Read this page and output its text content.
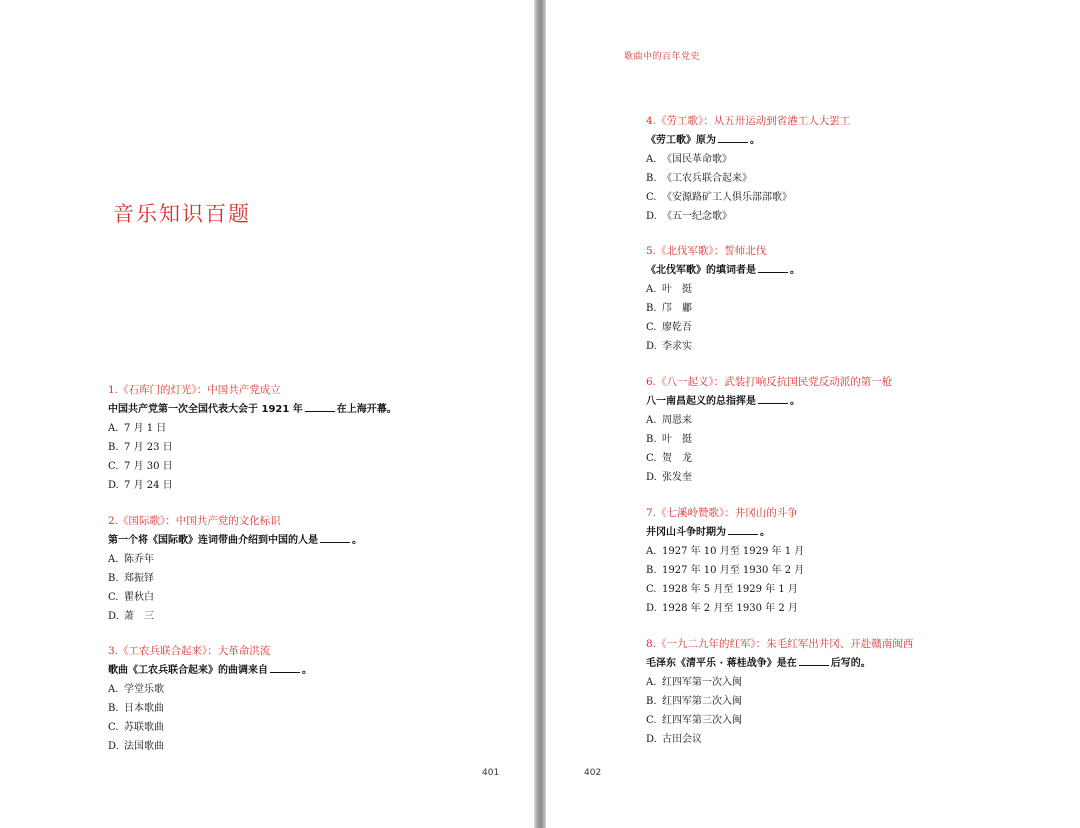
音乐知识百题
1.《石库门的灯光》：中国共产党成立
中国共产党第一次全国代表大会于 1921 年	在上海开幕。
A. 7 月 1 日
B. 7 月 23 日
C. 7 月 30 日
D. 7 月 24 日
2.《国际歌》：中国共产党的文化标识
第一个将《国际歌》连词带曲介绍到中国的人是	。
A. 陈乔年
B. 郑振铎
C. 瞿秋白
D. 萧　三
3.《工农兵联合起来》：大革命洪流
歌曲《工农兵联合起来》的曲调来自	。
A. 学堂乐歌
B. 日本歌曲
C. 苏联歌曲
D. 法国歌曲
401	402
歌曲中的百年党史
4.《劳工歌》：从五卅运动到省港工人大罢工
《劳工歌》原为	。
A. 《国民革命歌》
B. 《工农兵联合起来》
C. 《安源路矿工人俱乐部部歌》
D. 《五一纪念歌》
5.《北伐军歌》：誓师北伐
《北伐军歌》的填词者是	。
A. 叶　挺
B. 邝　鄘
C. 廖乾吾
D. 李求实
6.《八一起义》：武装打响反抗国民党反动派的第一枪
八一南昌起义的总指挥是	。
A. 周恩来
B. 叶　挺
C. 贺　龙
D. 张发奎
7.《七溪岭赞歌》：井冈山的斗争
井冈山斗争时期为	。
A. 1927 年 10 月至 1929 年 1 月
B. 1927 年 10 月至 1930 年 2 月
C. 1928 年 5 月至 1929 年 1 月
D. 1928 年 2 月至 1930 年 2 月
8.《一九二九年的红军》：朱毛红军出井冈、开赴赣南闽西
毛泽东《清平乐 · 蒋桂战争》是在	后写的。
A. 红四军第一次入闽
B. 红四军第二次入闽
C. 红四军第三次入闽
D. 古田会议
